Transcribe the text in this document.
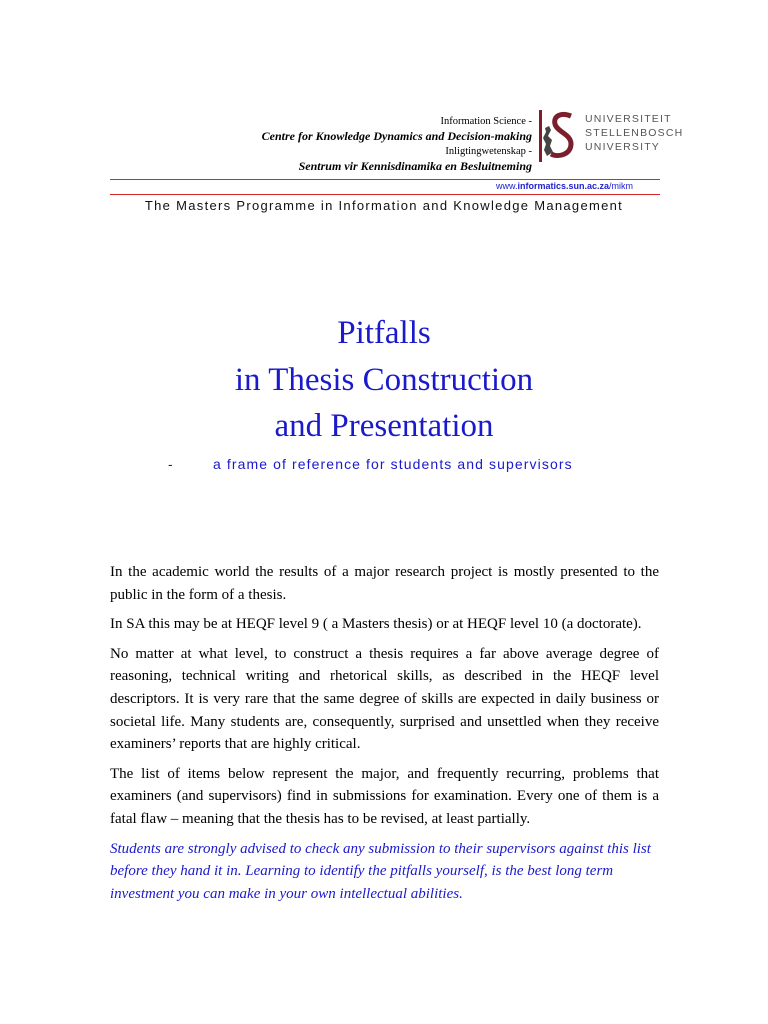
Information Science -
Centre for Knowledge Dynamics and Decision-making
Inligtingwetenskap -
Sentrum vir Kennisdinamika en Besluitneming
UNIVERSITEIT
STELLENBOSCH
UNIVERSITY
www.informatics.sun.ac.za/mikm
The Masters Programme in Information and Knowledge Management
Pitfalls
in Thesis Construction
and Presentation
-	a frame of reference for students and supervisors

In the academic world the results of a major research project is mostly presented to the public in the form of a thesis.

In SA this may be at HEQF level 9 ( a Masters thesis) or at HEQF level 10 (a doctorate).

No matter at what level, to construct a thesis requires a far above average degree of reasoning, technical writing and rhetorical skills, as described in the HEQF level descriptors. It is very rare that the same degree of skills are expected in daily business or societal life. Many students are, consequently, surprised and unsettled when they receive examiners’ reports that are highly critical.

The list of items below represent the major, and frequently recurring, problems that examiners (and supervisors) find in submissions for examination. Every one of them is a fatal flaw – meaning that the thesis has to be revised, at least partially.

Students are strongly advised to check any submission to their supervisors against this list before they hand it in. Learning to identify the pitfalls yourself, is the best long term investment you can make in your own intellectual abilities.
